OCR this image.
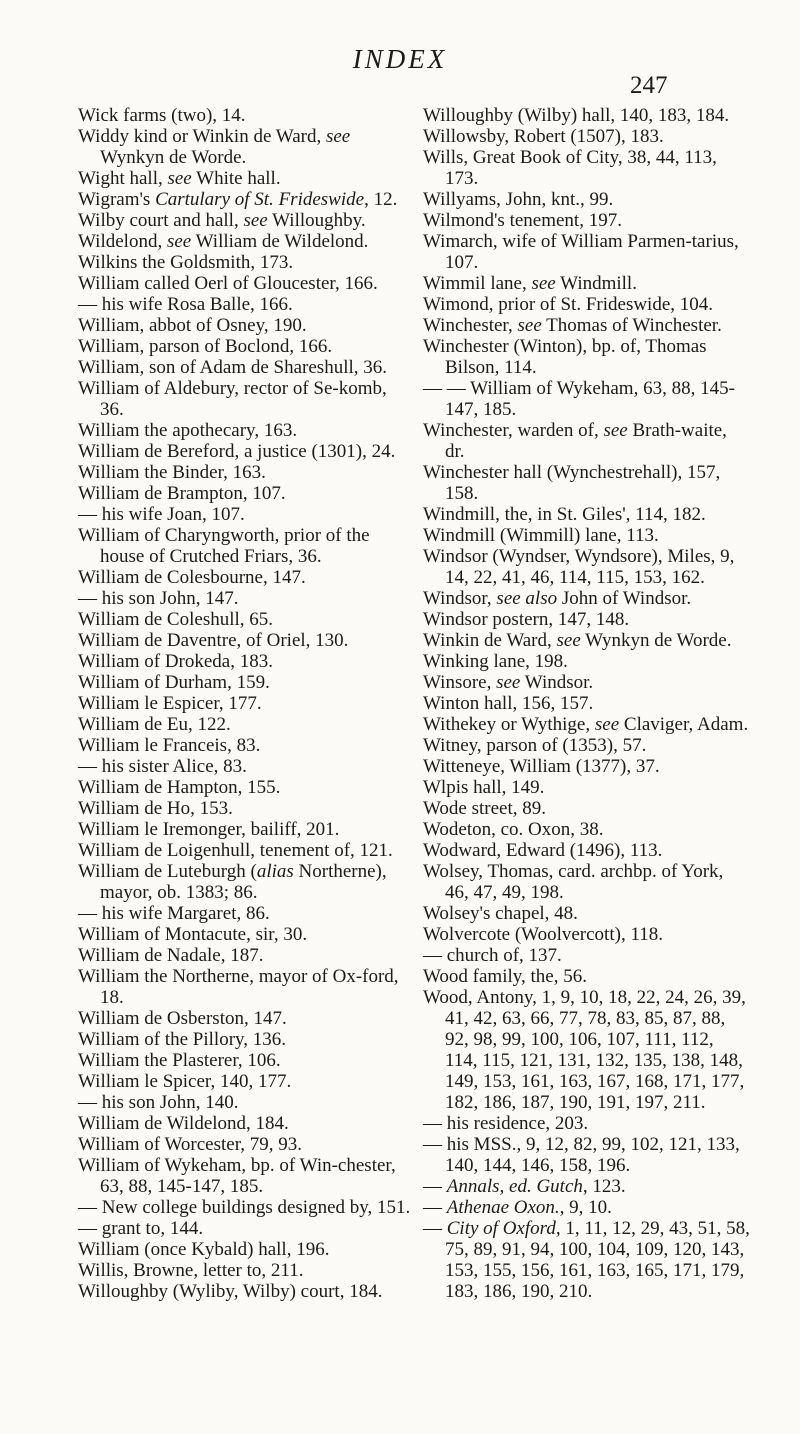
INDEX
247

Wick farms (two), 14.

Widdy kind or Winkin de Ward, see Wynkyn de Worde.

Wight hall, see White hall.

Wigram's Cartulary of St. Frideswide, 12.

Wilby court and hall, see Willoughby.

Wildelond, see William de Wildelond.

Wilkins the Goldsmith, 173.

William called Oerl of Gloucester, 166.

— his wife Rosa Balle, 166.

William, abbot of Osney, 190.

William, parson of Boclond, 166.

William, son of Adam de Shareshull, 36.

William of Aldebury, rector of Se-komb, 36.

William the apothecary, 163.

William de Bereford, a justice (1301), 24.

William the Binder, 163.

William de Brampton, 107.

— his wife Joan, 107.

William of Charyngworth, prior of the house of Crutched Friars, 36.

William de Colesbourne, 147.

— his son John, 147.

William de Coleshull, 65.

William de Daventre, of Oriel, 130.

William of Drokeda, 183.

William of Durham, 159.

William le Espicer, 177.

William de Eu, 122.

William le Franceis, 83.

— his sister Alice, 83.

William de Hampton, 155.

William de Ho, 153.

William le Iremonger, bailiff, 201.

William de Loigenhull, tenement of, 121.

William de Luteburgh (alias Northerne), mayor, ob. 1383; 86.

— his wife Margaret, 86.

William of Montacute, sir, 30.

William de Nadale, 187.

William the Northerne, mayor of Ox-ford, 18.

William de Osberston, 147.

William of the Pillory, 136.

William the Plasterer, 106.

William le Spicer, 140, 177.

— his son John, 140.

William de Wildelond, 184.

William of Worcester, 79, 93.

William of Wykeham, bp. of Win-chester, 63, 88, 145-147, 185.

— New college buildings designed by, 151.

— grant to, 144.

William (once Kybald) hall, 196.

Willis, Browne, letter to, 211.

Willoughby (Wyliby, Wilby) court, 184.

Willoughby (Wilby) hall, 140, 183, 184.

Willowsby, Robert (1507), 183.

Wills, Great Book of City, 38, 44, 113, 173.

Willyams, John, knt., 99.

Wilmond's tenement, 197.

Wimarch, wife of William Parmen-tarius, 107.

Wimmil lane, see Windmill.

Wimond, prior of St. Frideswide, 104.

Winchester, see Thomas of Winchester.

Winchester (Winton), bp. of, Thomas Bilson, 114.

— — William of Wykeham, 63, 88, 145-147, 185.

Winchester, warden of, see Brath-waite, dr.

Winchester hall (Wynchestrehall), 157, 158.

Windmill, the, in St. Giles', 114, 182.

Windmill (Wimmill) lane, 113.

Windsor (Wyndser, Wyndsore), Miles, 9, 14, 22, 41, 46, 114, 115, 153, 162.

Windsor, see also John of Windsor.

Windsor postern, 147, 148.

Winkin de Ward, see Wynkyn de Worde.

Winking lane, 198.

Winsore, see Windsor.

Winton hall, 156, 157.

Withekey or Wythige, see Claviger, Adam.

Witney, parson of (1353), 57.

Witteneye, William (1377), 37.

Wlpis hall, 149.

Wode street, 89.

Wodeton, co. Oxon, 38.

Wodward, Edward (1496), 113.

Wolsey, Thomas, card. archbp. of York, 46, 47, 49, 198.

Wolsey's chapel, 48.

Wolvercote (Woolvercott), 118.

— church of, 137.

Wood family, the, 56.

Wood, Antony, 1, 9, 10, 18, 22, 24, 26, 39, 41, 42, 63, 66, 77, 78, 83, 85, 87, 88, 92, 98, 99, 100, 106, 107, 111, 112, 114, 115, 121, 131, 132, 135, 138, 148, 149, 153, 161, 163, 167, 168, 171, 177, 182, 186, 187, 190, 191, 197, 211.

— his residence, 203.

— his MSS., 9, 12, 82, 99, 102, 121, 133, 140, 144, 146, 158, 196.

— Annals, ed. Gutch, 123.

— Athenae Oxon., 9, 10.

— City of Oxford, 1, 11, 12, 29, 43, 51, 58, 75, 89, 91, 94, 100, 104, 109, 120, 143, 153, 155, 156, 161, 163, 165, 171, 179, 183, 186, 190, 210.
